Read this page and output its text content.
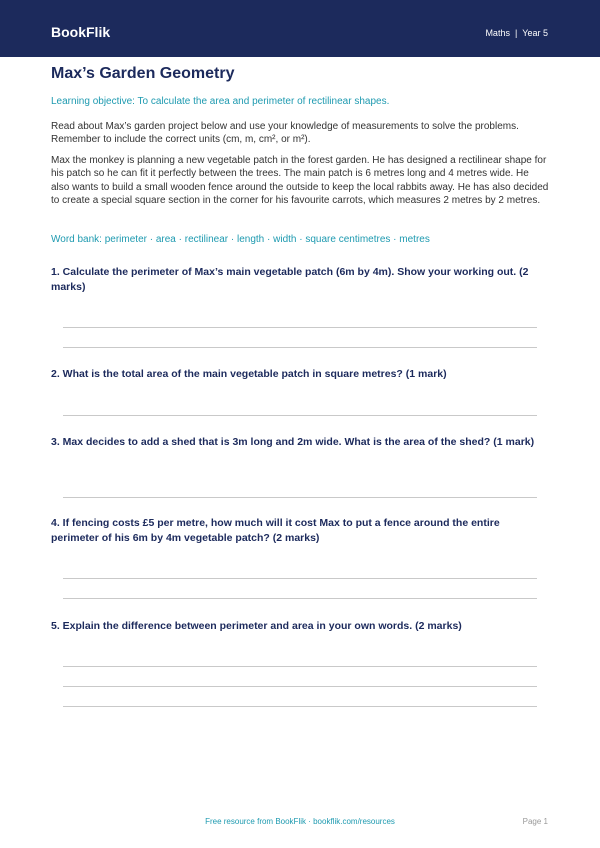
BookFlik	Maths | Year 5
Max’s Garden Geometry

Learning objective: To calculate the area and perimeter of rectilinear shapes.

Read about Max’s garden project below and use your knowledge of measurements to solve the problems. Remember to include the correct units (cm, m, cm², or m²).

Max the monkey is planning a new vegetable patch in the forest garden. He has designed a rectilinear shape for his patch so he can fit it perfectly between the trees. The main patch is 6 metres long and 4 metres wide. He also wants to build a small wooden fence around the outside to keep the local rabbits away. He has also decided to create a special square section in the corner for his favourite carrots, which measures 2 metres by 2 metres.

Word bank: perimeter · area · rectilinear · length · width · square centimetres · metres

1. Calculate the perimeter of Max’s main vegetable patch (6m by 4m). Show your working out. (2 marks)

2. What is the total area of the main vegetable patch in square metres? (1 mark)

3. Max decides to add a shed that is 3m long and 2m wide. What is the area of the shed? (1 mark)

4. If fencing costs £5 per metre, how much will it cost Max to put a fence around the entire perimeter of his 6m by 4m vegetable patch? (2 marks)

5. Explain the difference between perimeter and area in your own words. (2 marks)

Free resource from BookFlik · bookflik.com/resources	Page 1
